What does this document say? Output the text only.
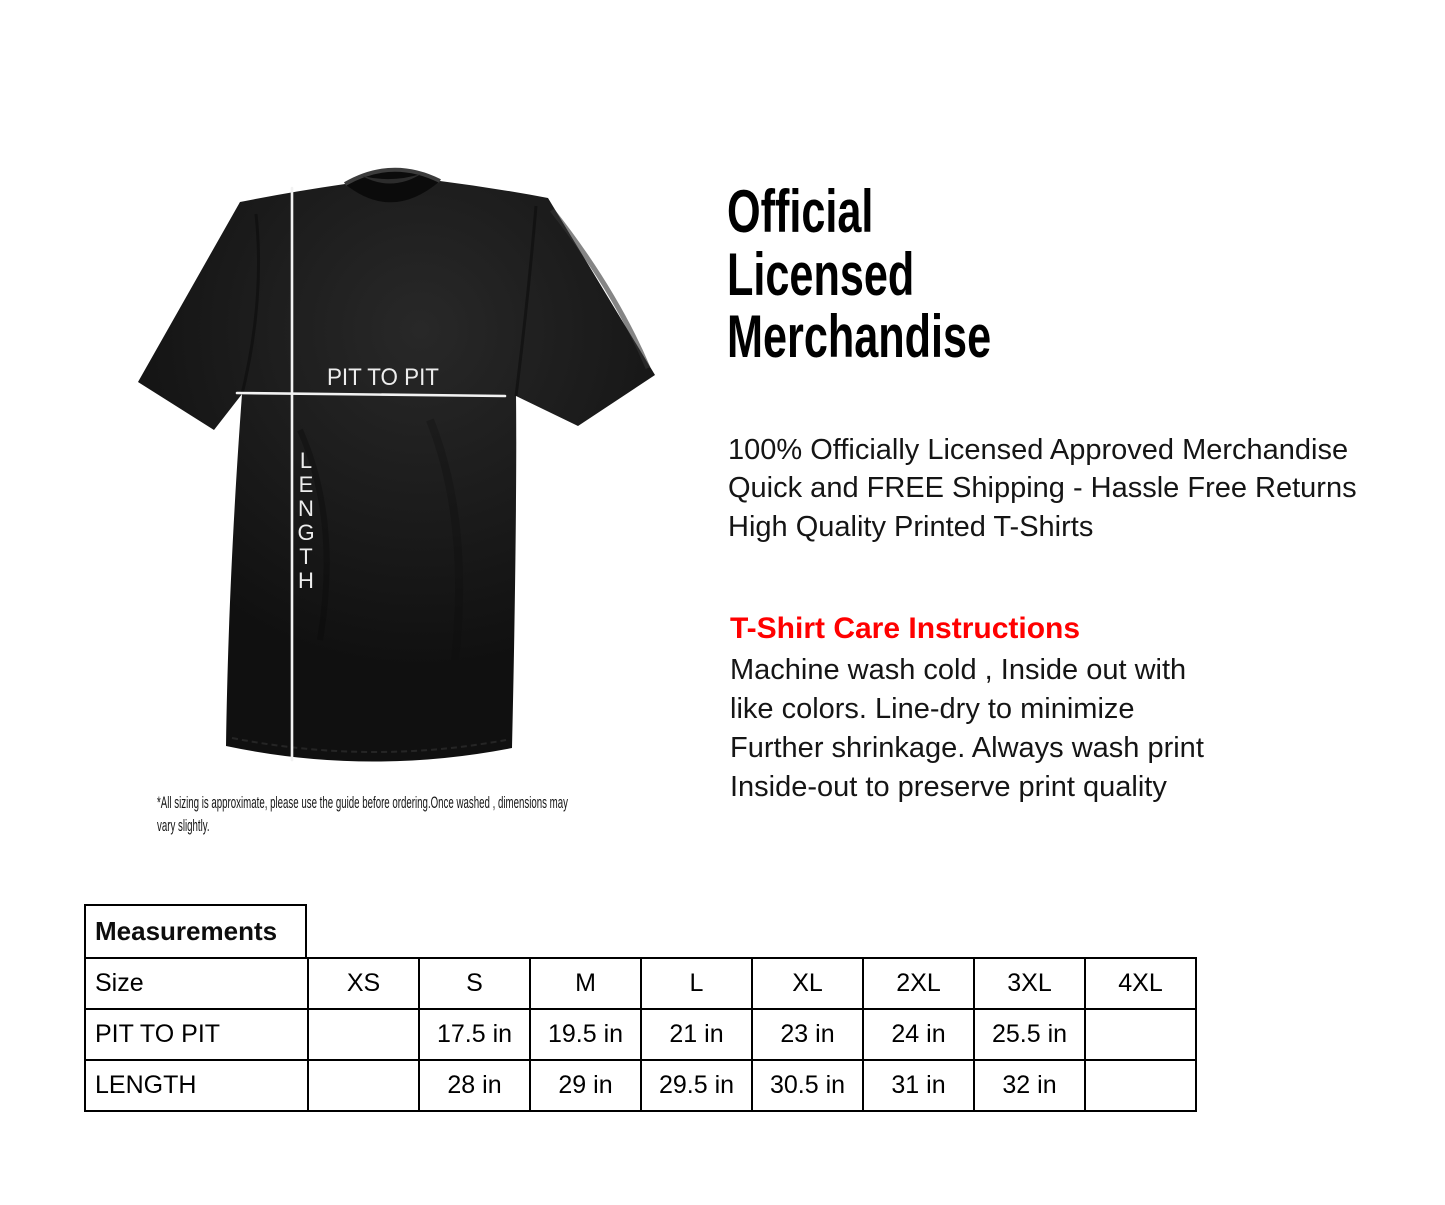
PIT TO PIT
L
E
N
G
T
H

*All sizing is approximate, please use the guide before ordering.Once washed , dimensions may
vary slightly.

Official
Licensed
Merchandise

100% Officially Licensed Approved Merchandise
Quick and FREE Shipping - Hassle Free Returns
High Quality Printed T-Shirts

T-Shirt Care Instructions

Machine wash cold , Inside out with
like colors. Line-dry to minimize
Further shrinkage. Always wash print
Inside-out to preserve print quality

Measurements
Size	XS	S	M	L	XL	2XL	3XL	4XL
PIT TO PIT		17.5 in	19.5 in	21 in	23 in	24 in	25.5 in	
LENGTH		28 in	29 in	29.5 in	30.5 in	31 in	32 in	
